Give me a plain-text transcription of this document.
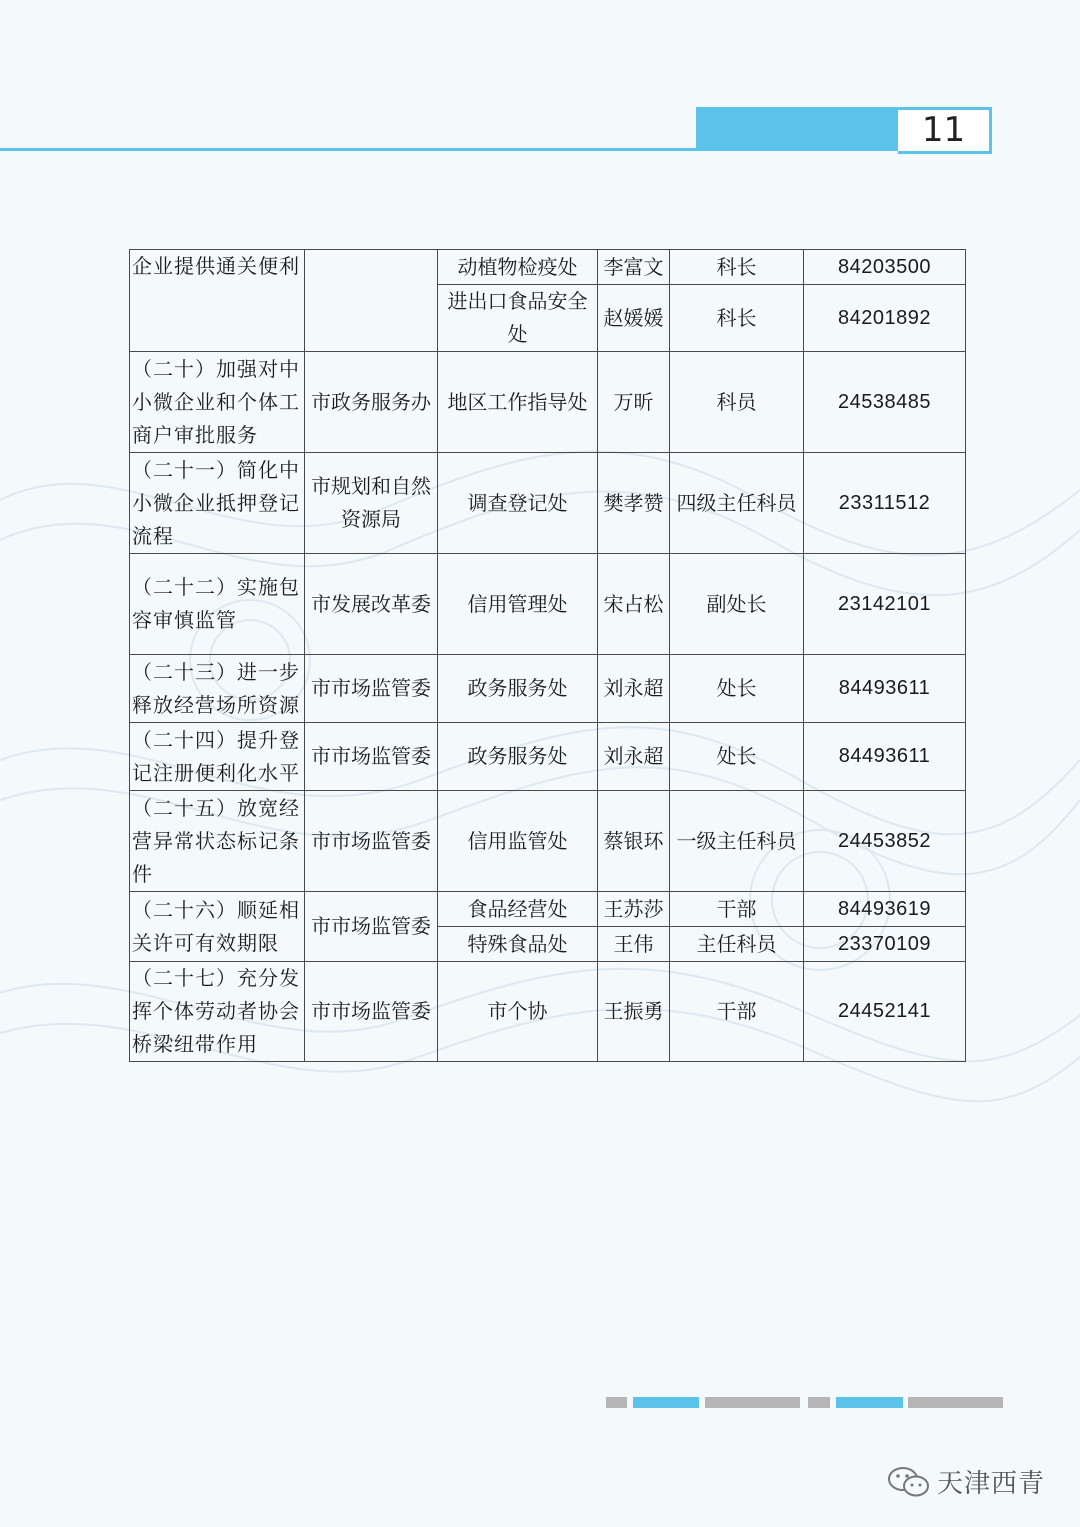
11
企业提供通关便利		动植物检疫处	李富文	科长	84203500
		进出口食品安全处	赵媛媛	科长	84201892
（二十）加强对中小微企业和个体工商户审批服务	市政务服务办	地区工作指导处	万昕	科员	24538485
（二十一）简化中小微企业抵押登记流程	市规划和自然资源局	调查登记处	樊孝赞	四级主任科员	23311512
（二十二）实施包容审慎监管	市发展改革委	信用管理处	宋占松	副处长	23142101
（二十三）进一步释放经营场所资源	市市场监管委	政务服务处	刘永超	处长	84493611
（二十四）提升登记注册便利化水平	市市场监管委	政务服务处	刘永超	处长	84493611
（二十五）放宽经营异常状态标记条件	市市场监管委	信用监管处	蔡银环	一级主任科员	24453852
（二十六）顺延相关许可有效期限	市市场监管委	食品经营处	王苏莎	干部	84493619
		特殊食品处	王伟	主任科员	23370109
（二十七）充分发挥个体劳动者协会桥梁纽带作用	市市场监管委	市个协	王振勇	干部	24452141
天津西青
